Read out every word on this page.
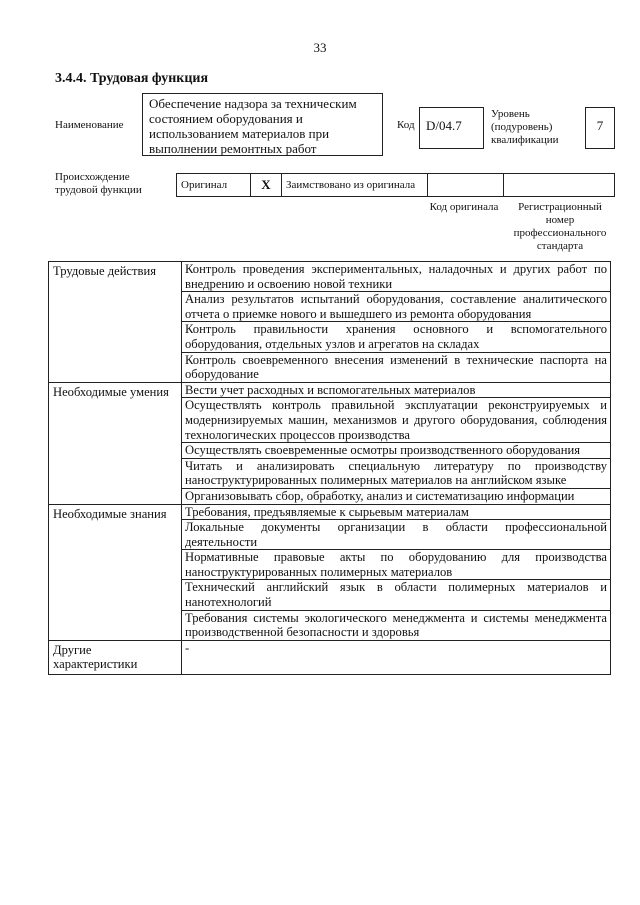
33
3.4.4. Трудовая функция
Наименование
Обеспечение надзора за техническим состоянием оборудования и использованием материалов при выполнении ремонтных работ
Код D/04.7
Уровень (подуровень) квалификации
7
Происхождение трудовой функции	Оригинал	X	Заимствовано из оригинала
Код оригинала	Регистрационный номер профессионального стандарта
Трудовые действия	Контроль проведения экспериментальных, наладочных и других работ по внедрению и освоению новой техники
	Анализ результатов испытаний оборудования, составление аналитического отчета о приемке нового и вышедшего из ремонта оборудования
	Контроль правильности хранения основного и вспомогательного оборудования, отдельных узлов и агрегатов на складах
	Контроль своевременного внесения изменений в технические паспорта на оборудование
Необходимые умения	Вести учет расходных и вспомогательных материалов
	Осуществлять контроль правильной эксплуатации реконструируемых и модернизируемых машин, механизмов и другого оборудования, соблюдения технологических процессов производства
	Осуществлять своевременные осмотры производственного оборудования
	Читать и анализировать специальную литературу по производству наноструктурированных полимерных материалов на английском языке
	Организовывать сбор, обработку, анализ и систематизацию информации
Необходимые знания	Требования, предъявляемые к сырьевым материалам
	Локальные документы организации в области профессиональной деятельности
	Нормативные правовые акты по оборудованию для производства наноструктурированных полимерных материалов
	Технический английский язык в области полимерных материалов и нанотехнологий
	Требования системы экологического менеджмента и системы менеджмента производственной безопасности и здоровья
Другие характеристики	-
